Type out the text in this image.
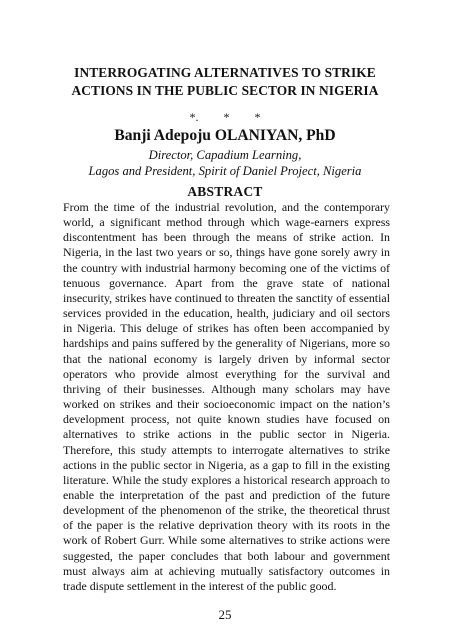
INTERROGATING ALTERNATIVES TO STRIKE
ACTIONS IN THE PUBLIC SECTOR IN NIGERIA
*. * *
Banji Adepoju OLANIYAN, PhD
Director, Capadium Learning,
Lagos and President, Spirit of Daniel Project, Nigeria
ABSTRACT
From the time of the industrial revolution, and the contemporary world, a significant method through which wage-earners express discontentment has been through the means of strike action. In Nigeria, in the last two years or so, things have gone sorely awry in the country with industrial harmony becoming one of the victims of tenuous governance. Apart from the grave state of national insecurity, strikes have continued to threaten the sanctity of essential services provided in the education, health, judiciary and oil sectors in Nigeria. This deluge of strikes has often been accompanied by hardships and pains suffered by the generality of Nigerians, more so that the national economy is largely driven by informal sector operators who provide almost everything for the survival and thriving of their businesses. Although many scholars may have worked on strikes and their socioeconomic impact on the nation’s development process, not quite known studies have focused on alternatives to strike actions in the public sector in Nigeria. Therefore, this study attempts to interrogate alternatives to strike actions in the public sector in Nigeria, as a gap to fill in the existing literature. While the study explores a historical research approach to enable the interpretation of the past and prediction of the future development of the phenomenon of the strike, the theoretical thrust of the paper is the relative deprivation theory with its roots in the work of Robert Gurr. While some alternatives to strike actions were suggested, the paper concludes that both labour and government must always aim at achieving mutually satisfactory outcomes in trade dispute settlement in the interest of the public good.
25
